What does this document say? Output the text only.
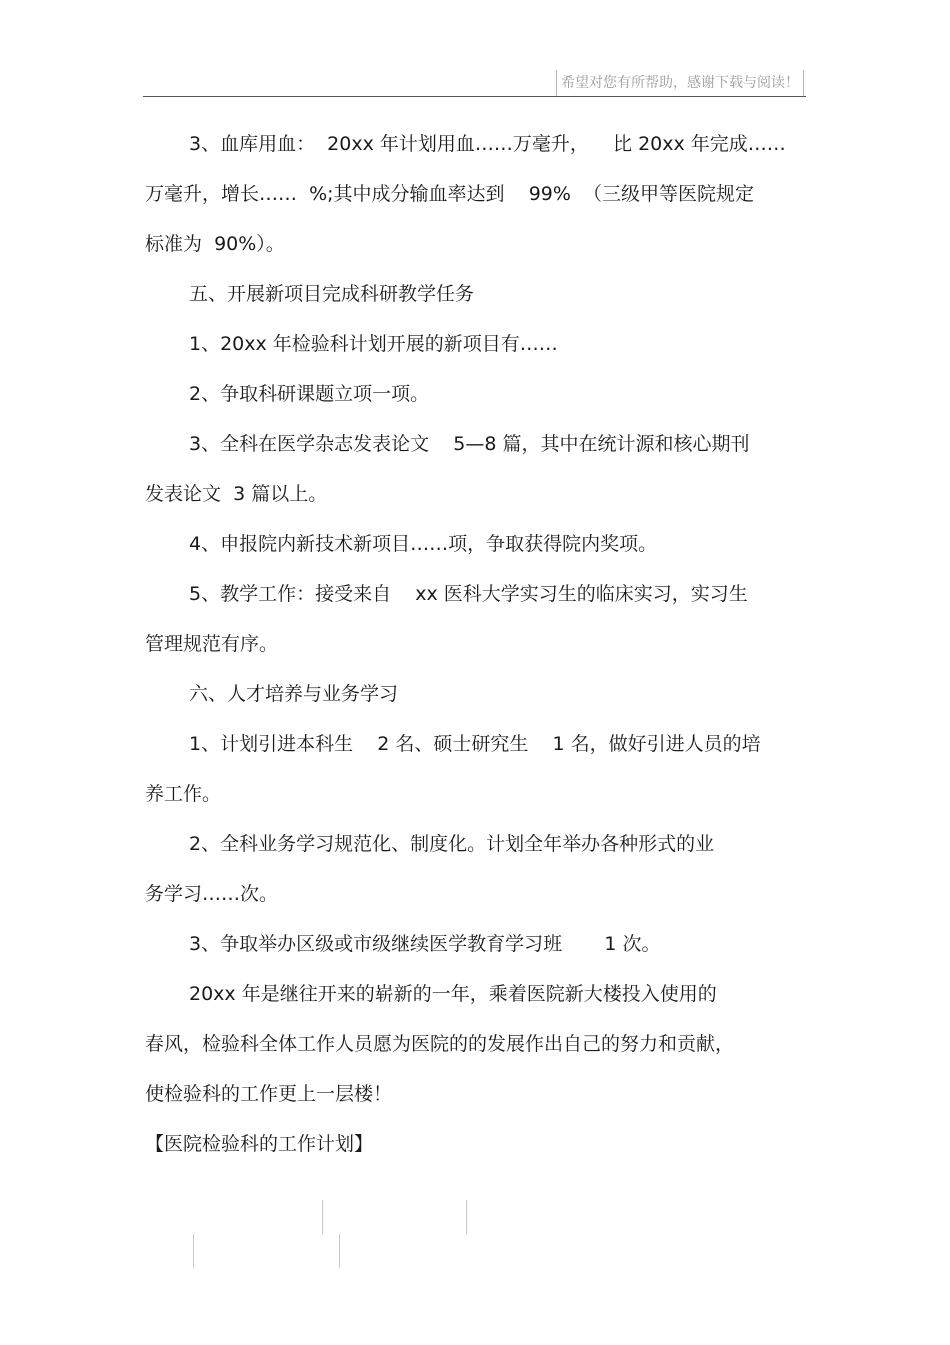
希望对您有所帮助，感谢下载与阅读！
3、血库用血：  20xx 年计划用血……万毫升，    比 20xx 年完成……
万毫升，增长……  %;其中成分输血率达到    99%  （三级甲等医院规定
标准为  90%）。
五、开展新项目完成科研教学任务
1、20xx 年检验科计划开展的新项目有……
2、争取科研课题立项一项。
3、全科在医学杂志发表论文    5—8 篇，其中在统计源和核心期刊
发表论文  3 篇以上。
4、申报院内新技术新项目……项，争取获得院内奖项。
5、教学工作：接受来自    xx 医科大学实习生的临床实习，实习生
管理规范有序。
六、人才培养与业务学习
1、计划引进本科生    2 名、硕士研究生    1 名，做好引进人员的培
养工作。
2、全科业务学习规范化、制度化。计划全年举办各种形式的业
务学习……次。
3、争取举办区级或市级继续医学教育学习班       1 次。
20xx 年是继往开来的崭新的一年，乘着医院新大楼投入使用的
春风，检验科全体工作人员愿为医院的的发展作出自己的努力和贡献，
使检验科的工作更上一层楼！
【医院检验科的工作计划】
